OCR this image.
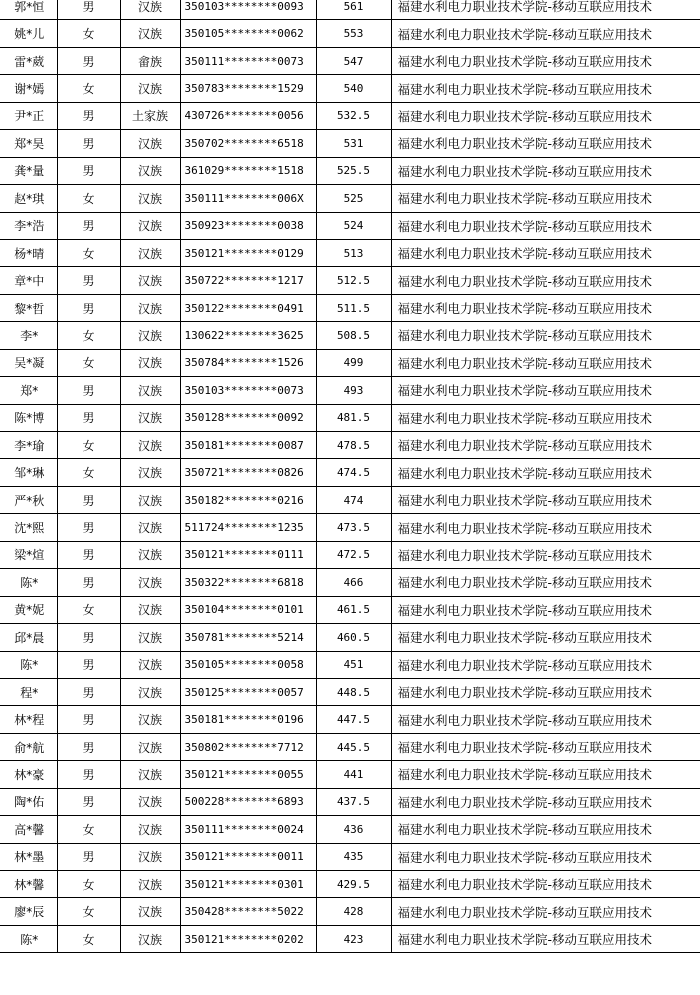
郭*恒	男	汉族	350103********0093	561	福建水利电力职业技术学院-移动互联应用技术
姚*儿	女	汉族	350105********0062	553	福建水利电力职业技术学院-移动互联应用技术
雷*葳	男	畲族	350111********0073	547	福建水利电力职业技术学院-移动互联应用技术
谢*嫣	女	汉族	350783********1529	540	福建水利电力职业技术学院-移动互联应用技术
尹*正	男	土家族	430726********0056	532.5	福建水利电力职业技术学院-移动互联应用技术
郑*昊	男	汉族	350702********6518	531	福建水利电力职业技术学院-移动互联应用技术
龚*量	男	汉族	361029********1518	525.5	福建水利电力职业技术学院-移动互联应用技术
赵*琪	女	汉族	350111********006X	525	福建水利电力职业技术学院-移动互联应用技术
李*浩	男	汉族	350923********0038	524	福建水利电力职业技术学院-移动互联应用技术
杨*晴	女	汉族	350121********0129	513	福建水利电力职业技术学院-移动互联应用技术
章*中	男	汉族	350722********1217	512.5	福建水利电力职业技术学院-移动互联应用技术
黎*哲	男	汉族	350122********0491	511.5	福建水利电力职业技术学院-移动互联应用技术
李*	女	汉族	130622********3625	508.5	福建水利电力职业技术学院-移动互联应用技术
吴*凝	女	汉族	350784********1526	499	福建水利电力职业技术学院-移动互联应用技术
郑*	男	汉族	350103********0073	493	福建水利电力职业技术学院-移动互联应用技术
陈*博	男	汉族	350128********0092	481.5	福建水利电力职业技术学院-移动互联应用技术
李*瑜	女	汉族	350181********0087	478.5	福建水利电力职业技术学院-移动互联应用技术
邹*琳	女	汉族	350721********0826	474.5	福建水利电力职业技术学院-移动互联应用技术
严*秋	男	汉族	350182********0216	474	福建水利电力职业技术学院-移动互联应用技术
沈*熙	男	汉族	511724********1235	473.5	福建水利电力职业技术学院-移动互联应用技术
梁*煊	男	汉族	350121********0111	472.5	福建水利电力职业技术学院-移动互联应用技术
陈*	男	汉族	350322********6818	466	福建水利电力职业技术学院-移动互联应用技术
黄*妮	女	汉族	350104********0101	461.5	福建水利电力职业技术学院-移动互联应用技术
邱*晨	男	汉族	350781********5214	460.5	福建水利电力职业技术学院-移动互联应用技术
陈*	男	汉族	350105********0058	451	福建水利电力职业技术学院-移动互联应用技术
程*	男	汉族	350125********0057	448.5	福建水利电力职业技术学院-移动互联应用技术
林*程	男	汉族	350181********0196	447.5	福建水利电力职业技术学院-移动互联应用技术
俞*航	男	汉族	350802********7712	445.5	福建水利电力职业技术学院-移动互联应用技术
林*豪	男	汉族	350121********0055	441	福建水利电力职业技术学院-移动互联应用技术
陶*佑	男	汉族	500228********6893	437.5	福建水利电力职业技术学院-移动互联应用技术
高*馨	女	汉族	350111********0024	436	福建水利电力职业技术学院-移动互联应用技术
林*墨	男	汉族	350121********0011	435	福建水利电力职业技术学院-移动互联应用技术
林*馨	女	汉族	350121********0301	429.5	福建水利电力职业技术学院-移动互联应用技术
廖*辰	女	汉族	350428********5022	428	福建水利电力职业技术学院-移动互联应用技术
陈*	女	汉族	350121********0202	423	福建水利电力职业技术学院-移动互联应用技术
